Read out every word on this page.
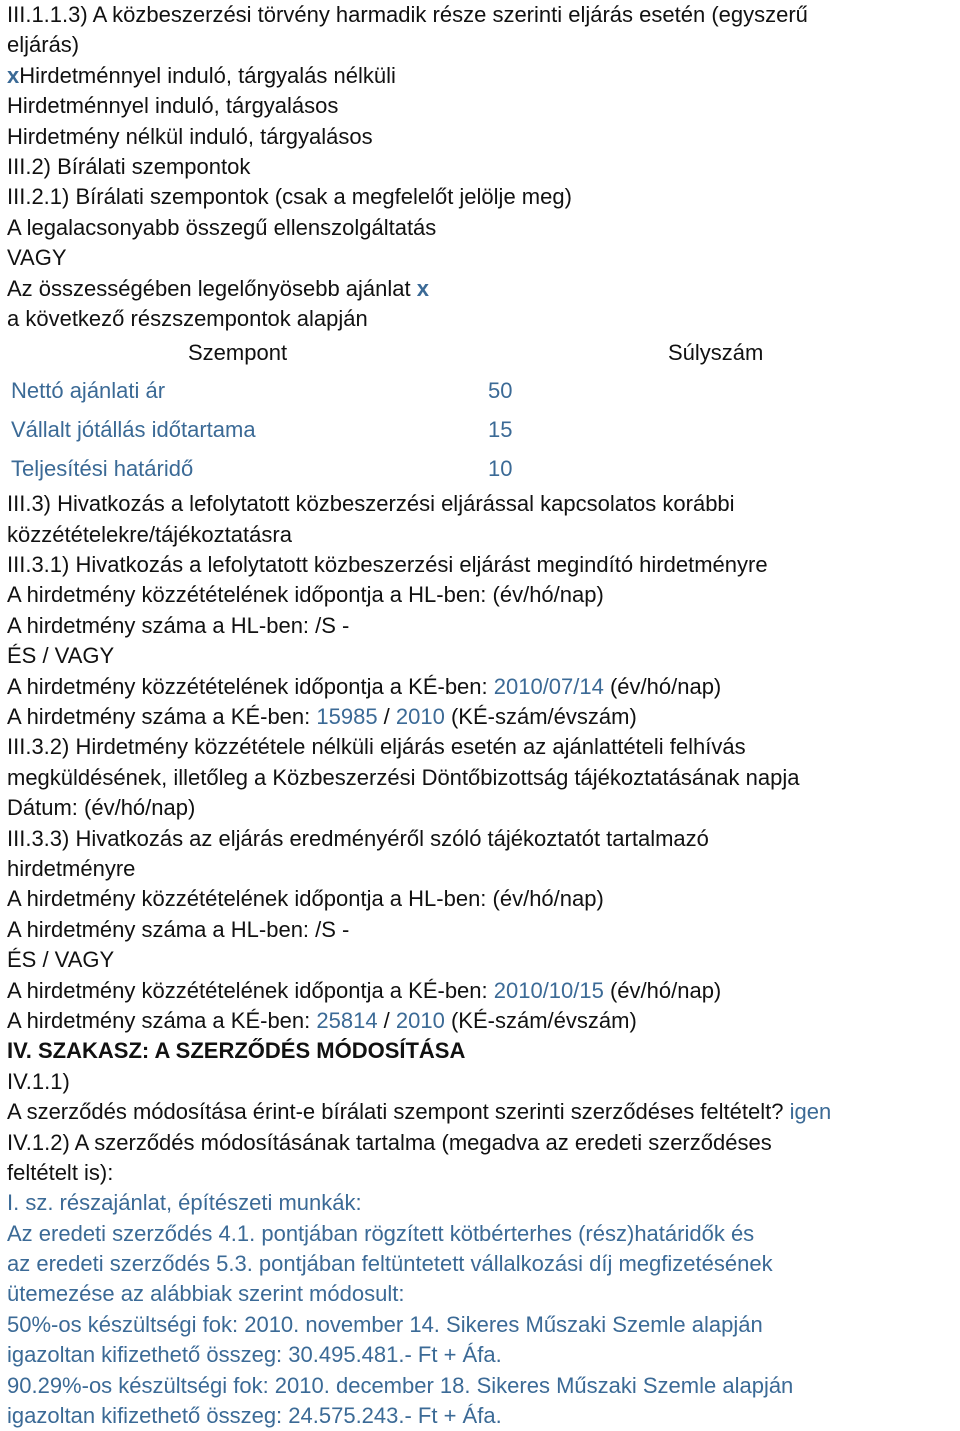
III.1.1.3) A közbeszerzési törvény harmadik része szerinti eljárás esetén (egyszerű
eljárás)
xHirdetménnyel induló, tárgyalás nélküli
Hirdetménnyel induló, tárgyalásos
Hirdetmény nélkül induló, tárgyalásos
III.2) Bírálati szempontok
III.2.1) Bírálati szempontok (csak a megfelelőt jelölje meg)
A legalacsonyabb összegű ellenszolgáltatás
VAGY
Az összességében legelőnyösebb ajánlat x
a következő részszempontok alapján
Szempont	Súlyszám
Nettó ajánlati ár	50
Vállalt jótállás időtartama	15
Teljesítési határidő	10
III.3) Hivatkozás a lefolytatott közbeszerzési eljárással kapcsolatos korábbi
közzétételekre/tájékoztatásra
III.3.1) Hivatkozás a lefolytatott közbeszerzési eljárást megindító hirdetményre
A hirdetmény közzétételének időpontja a HL-ben: (év/hó/nap)
A hirdetmény száma a HL-ben: /S -
ÉS / VAGY
A hirdetmény közzétételének időpontja a KÉ-ben: 2010/07/14 (év/hó/nap)
A hirdetmény száma a KÉ-ben: 15985 / 2010 (KÉ-szám/évszám)
III.3.2) Hirdetmény közzététele nélküli eljárás esetén az ajánlattételi felhívás
megküldésének, illetőleg a Közbeszerzési Döntőbizottság tájékoztatásának napja
Dátum: (év/hó/nap)
III.3.3) Hivatkozás az eljárás eredményéről szóló tájékoztatót tartalmazó
hirdetményre
A hirdetmény közzétételének időpontja a HL-ben: (év/hó/nap)
A hirdetmény száma a HL-ben: /S -
ÉS / VAGY
A hirdetmény közzétételének időpontja a KÉ-ben: 2010/10/15 (év/hó/nap)
A hirdetmény száma a KÉ-ben: 25814 / 2010 (KÉ-szám/évszám)
IV. SZAKASZ: A SZERZŐDÉS MÓDOSÍTÁSA
IV.1.1)
A szerződés módosítása érint-e bírálati szempont szerinti szerződéses feltételt? igen
IV.1.2) A szerződés módosításának tartalma (megadva az eredeti szerződéses
feltételt is):
I. sz. részajánlat, építészeti munkák:
Az eredeti szerződés 4.1. pontjában rögzített kötbérterhes (rész)határidők és
az eredeti szerződés 5.3. pontjában feltüntetett vállalkozási díj megfizetésének
ütemezése az alábbiak szerint módosult:
50%-os készültségi fok: 2010. november 14. Sikeres Műszaki Szemle alapján
igazoltan kifizethető összeg: 30.495.481.- Ft + Áfa.
90.29%-os készültségi fok: 2010. december 18. Sikeres Műszaki Szemle alapján
igazoltan kifizethető összeg: 24.575.243.- Ft + Áfa.
